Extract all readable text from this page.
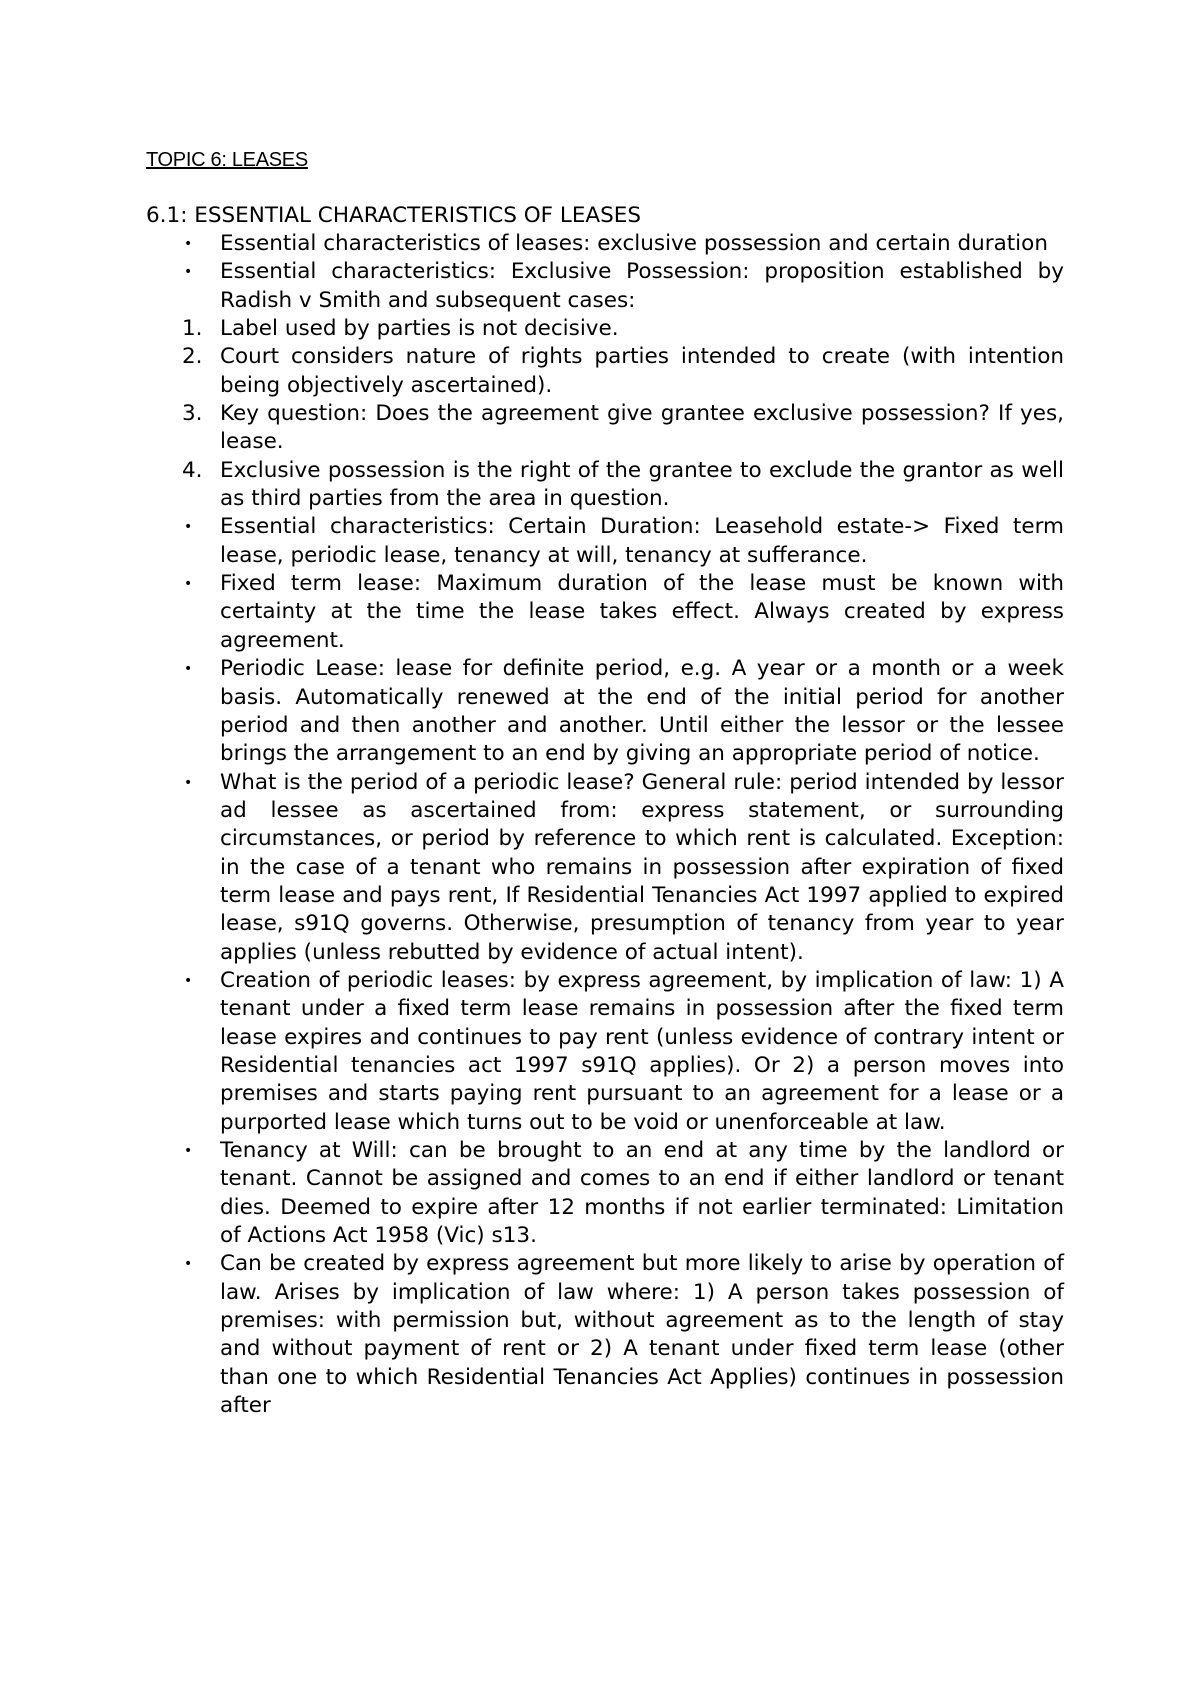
TOPIC 6: LEASES
6.1: ESSENTIAL CHARACTERISTICS OF LEASES
• Essential characteristics of leases: exclusive possession and certain duration
• Essential characteristics: Exclusive Possession: proposition established by Radish v Smith and subsequent cases:
1. Label used by parties is not decisive.
2. Court considers nature of rights parties intended to create (with intention being objectively ascertained).
3. Key question: Does the agreement give grantee exclusive possession? If yes, lease.
4. Exclusive possession is the right of the grantee to exclude the grantor as well as third parties from the area in question.
• Essential characteristics: Certain Duration: Leasehold estate-> Fixed term lease, periodic lease, tenancy at will, tenancy at sufferance.
• Fixed term lease: Maximum duration of the lease must be known with certainty at the time the lease takes effect. Always created by express agreement.
• Periodic Lease: lease for definite period, e.g. A year or a month or a week basis. Automatically renewed at the end of the initial period for another period and then another and another. Until either the lessor or the lessee brings the arrangement to an end by giving an appropriate period of notice.
• What is the period of a periodic lease? General rule: period intended by lessor ad lessee as ascertained from: express statement, or surrounding circumstances, or period by reference to which rent is calculated. Exception: in the case of a tenant who remains in possession after expiration of fixed term lease and pays rent, If Residential Tenancies Act 1997 applied to expired lease, s91Q governs. Otherwise, presumption of tenancy from year to year applies (unless rebutted by evidence of actual intent).
• Creation of periodic leases: by express agreement, by implication of law: 1) A tenant under a fixed term lease remains in possession after the fixed term lease expires and continues to pay rent (unless evidence of contrary intent or Residential tenancies act 1997 s91Q applies). Or 2) a person moves into premises and starts paying rent pursuant to an agreement for a lease or a purported lease which turns out to be void or unenforceable at law.
• Tenancy at Will: can be brought to an end at any time by the landlord or tenant. Cannot be assigned and comes to an end if either landlord or tenant dies. Deemed to expire after 12 months if not earlier terminated: Limitation of Actions Act 1958 (Vic) s13.
• Can be created by express agreement but more likely to arise by operation of law. Arises by implication of law where: 1) A person takes possession of premises: with permission but, without agreement as to the length of stay and without payment of rent or 2) A tenant under fixed term lease (other than one to which Residential Tenancies Act Applies) continues in possession after
